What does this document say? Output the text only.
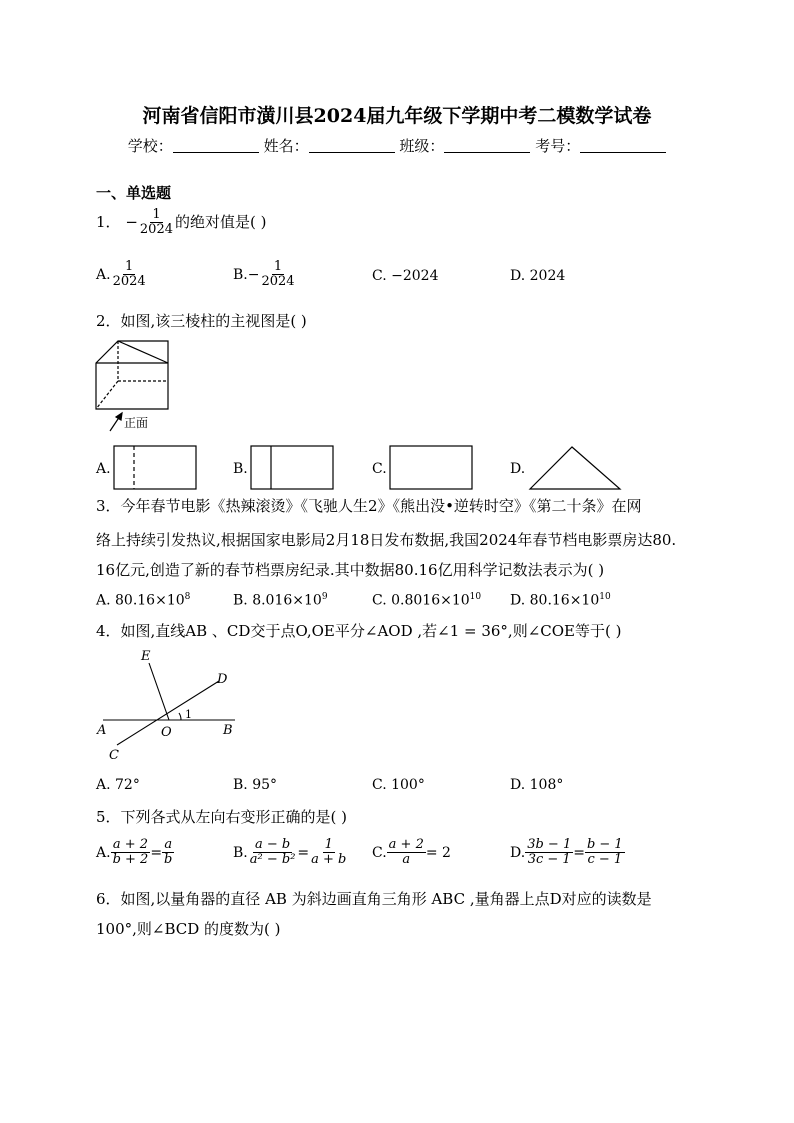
河南省信阳市潢川县2024届九年级下学期中考二模数学试卷
学校：	姓名：	班级：	考号：
一、单选题
1． − $\frac{1}{2024}$ 的绝对值是( )
A. $\frac{1}{2024}$	$B.- \frac{1}{2024}$	C. −2024	D. 2024
2．如图,该三棱柱的主视图是( )
正面
A.	B.	C.	D.
3．今年春节电影《热辣滚烫》《飞驰人生2》《熊出没•逆转时空》《第二十条》在网
络上持续引发热议,根据国家电影局2月18日发布数据,我国2024年春节档电影票房达80.
16亿元,创造了新的春节档票房纪录.其中数据80.16亿用科学记数法表示为( )
A. $80.16\times 10^8$	B. $8.016\times 10^9$	C. $0.8016\times 10^{10}$ D. $80.16\times 10^{10}$
4．如图,直线AB 、CD交于点O,OE平分∠AOD ,若∠1 = 36°,则∠COE等于( )
E
D
A	O	B
C
1
A. 72°	B. 95°	C. 100°	D. 108°
5．下列各式从左向右变形正确的是( )
A. $\frac{a + 2}{b + 2} = \frac{a}{b}$	B. $\frac{a - b}{\text{a² − b²}} = \frac{1}{a + b} C$. $\frac{a + 2}{a} = 2$	D. $\frac{3b - 1}{3c - 1} = \frac{b - 1}{c - 1}$
6．如图,以量角器的直径 AB 为斜边画直角三角形 ABC ,量角器上点D对应的读数是
100°,则∠BCD 的度数为( )
